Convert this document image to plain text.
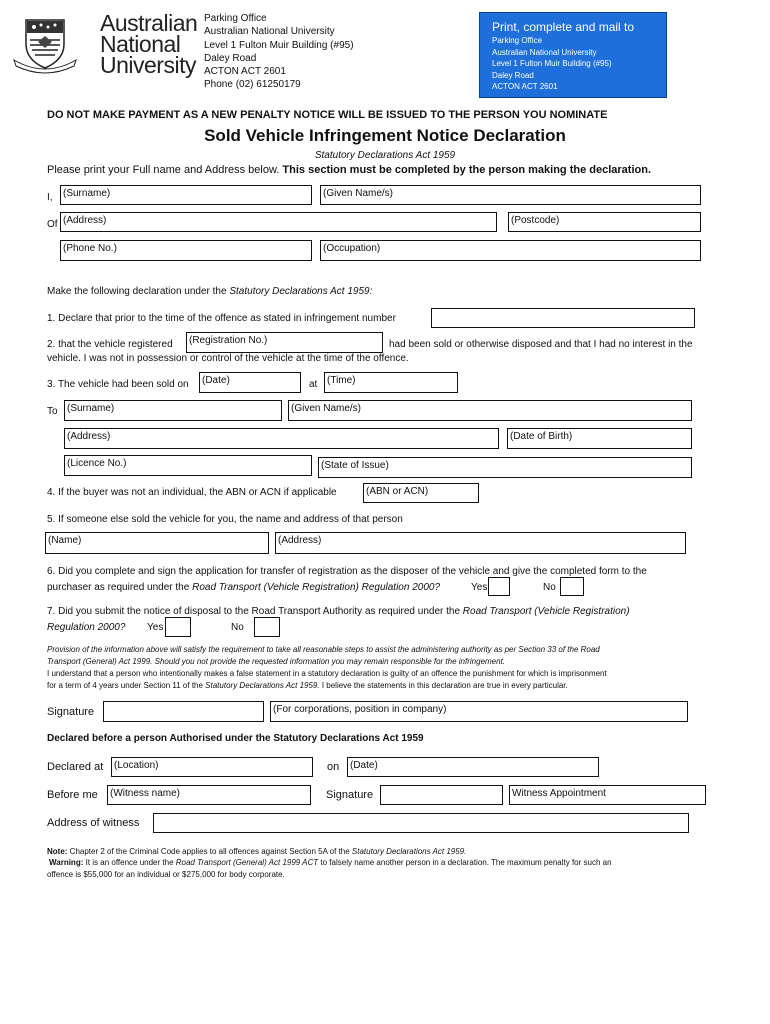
Australian
National
University
Parking Office
Australian National University
Level 1 Fulton Muir Building (#95)
Daley Road
ACTON ACT 2601
Phone (02) 61250179
Print, complete and mail to
Parking Office
Australian National University
Level 1 Fulton Muir Building (#95)
Daley Road
ACTON ACT 2601
DO NOT MAKE PAYMENT AS A NEW PENALTY NOTICE WILL BE ISSUED TO THE PERSON YOU NOMINATE
Sold Vehicle Infringement Notice Declaration
Statutory Declarations Act 1959
Please print your Full name and Address below. This section must be completed by the person making the declaration.
I,	(Surname)	(Given Name/s)
Of (Address)	(Postcode)
(Phone No.)	(Occupation)
Make the following declaration under the Statutory Declarations Act 1959:
1. Declare that prior to the time of the offence as stated in infringement number
2. that the vehicle registered	(Registration No.)	had been sold or otherwise disposed and that I had no interest in the
vehicle. I was not in possession or control of the vehicle at the time of the offence.
3. The vehicle had been sold on	(Date)	at (Time)
To (Surname)	(Given Name/s)
(Address)	(Date of Birth)
(Licence No.)	(State of Issue)
4. If the buyer was not an individual, the ABN or ACN if applicable	(ABN or ACN)
5. If someone else sold the vehicle for you, the name and address of that person
(Name)	(Address)
6. Did you complete and sign the application for transfer of registration as the disposer of the vehicle and give the completed form to the
purchaser as required under the Road Transport (Vehicle Registration) Regulation 2000?	Yes	No
7. Did you submit the notice of disposal to the Road Transport Authority as required under the Road Transport (Vehicle Registration)
Regulation 2000? Yes	No
Provision of the information above will satisfy the requirement to take all reasonable steps to assist the administering authority as per Section 33 of the Road
Transport (General) Act 1999. Should you not provide the requested information you may remain responsible for the infringement.
I understand that a person who intentionally makes a false statement in a statutory declaration is guilty of an offence the punishment for which is imprisonment
for a term of 4 years under Section 11 of the Statutory Declarations Act 1959. I believe the statements in this declaration are true in every particular.
Signature	(For corporations, position in company)
Declared before a person Authorised under the Statutory Declarations Act 1959
Declared at	(Location)	on	(Date)
Before me	(Witness name)	Signature	Witness Appointment
Address of witness
Note: Chapter 2 of the Criminal Code applies to all offences against Section 5A of the Statutory Declarations Act 1959.
Warning: It is an offence under the Road Transport (General) Act 1999 ACT to falsely name another person in a declaration. The maximum penalty for such an
offence is $55,000 for an individual or $275,000 for body corporate.
